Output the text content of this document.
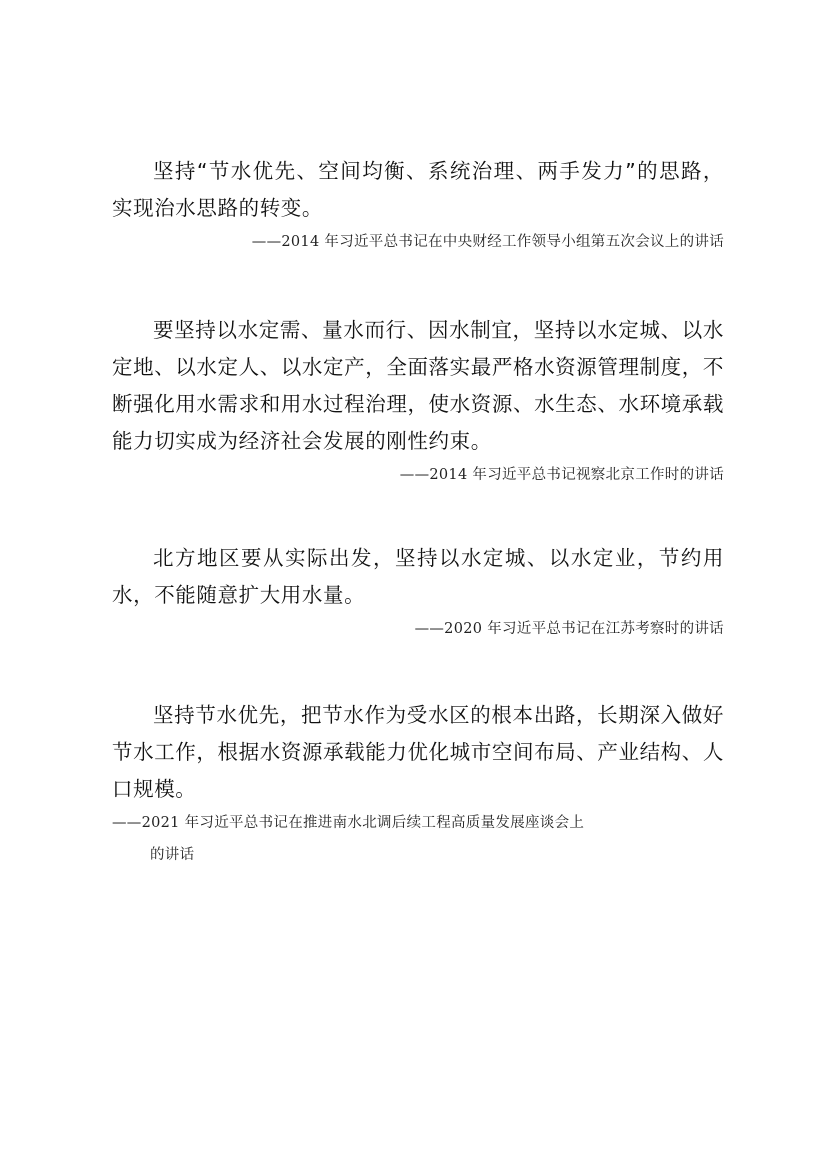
坚持“节水优先、空间均衡、系统治理、两手发力”的思路，实现治水思路的转变。

——2014 年习近平总书记在中央财经工作领导小组第五次会议上的讲话

要坚持以水定需、量水而行、因水制宜，坚持以水定城、以水定地、以水定人、以水定产，全面落实最严格水资源管理制度，不断强化用水需求和用水过程治理，使水资源、水生态、水环境承载能力切实成为经济社会发展的刚性约束。

——2014 年习近平总书记视察北京工作时的讲话

北方地区要从实际出发，坚持以水定城、以水定业，节约用水，不能随意扩大用水量。

——2020 年习近平总书记在江苏考察时的讲话

坚持节水优先，把节水作为受水区的根本出路，长期深入做好节水工作，根据水资源承载能力优化城市空间布局、产业结构、人口规模。

——2021 年习近平总书记在推进南水北调后续工程高质量发展座谈会上
的讲话
